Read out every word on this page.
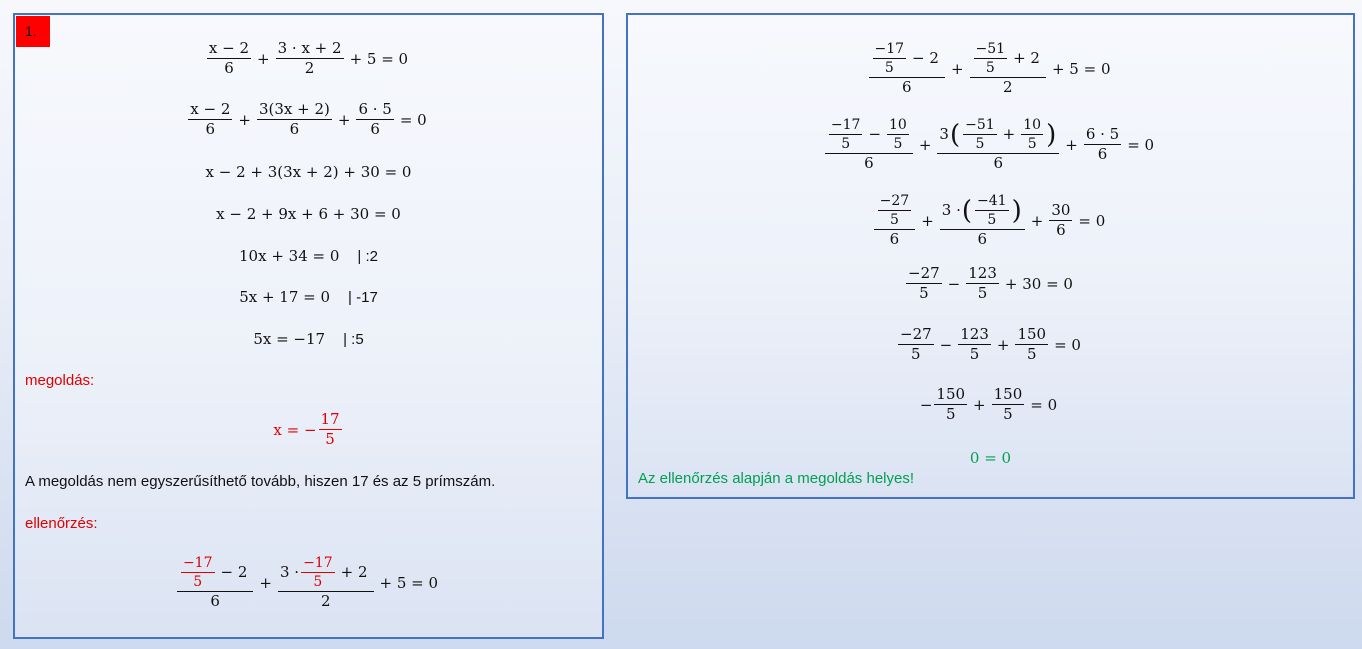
1.
$\frac{x - 2}{6} + \frac{3 \cdot x + 2}{2} + 5 = 0$
$\frac{x - 2}{6} + \frac{3(3x + 2)}{6} + \frac{6 \cdot 5}{6} = 0$
x − 2 + 3(3x + 2) + 30 = 0
x − 2 + 9x + 6 + 30 = 0
10x + 34 = 0 | :2
5x + 17 = 0 | -17
5x = −17 | :5
megoldás:
x = − $\frac{17}{5}$
A megoldás nem egyszerűsíthető tovább, hiszen 17 és az 5 prímszám.
ellenőrzés:
$\frac{\frac{-17}{5} - 2}{6} + \frac{3 \cdot \frac{-17}{5} + 2}{2} + 5 = 0$
$\frac{\frac{-17}{5} - 2}{6} + \frac{\frac{-51}{5} + 2}{2} + 5 = 0$
$\frac{\frac{-17}{5} - \frac{10}{5}}{6} + \frac{3 ( \frac{-51}{5} + \frac{10}{5} )}{6} + \frac{6 \cdot 5}{6} = 0$
$\frac{\frac{-27}{5}}{6} + \frac{3 \cdot ( \frac{-41}{5} )}{6} + \frac{30}{6} = 0$
$\frac{-27}{5} - \frac{123}{5} + 30 = 0$
$\frac{-27}{5} - \frac{123}{5} + \frac{150}{5} = 0$
− $\frac{150}{5} + \frac{150}{5} = 0$
0 = 0
Az ellenőrzés alapján a megoldás helyes!
